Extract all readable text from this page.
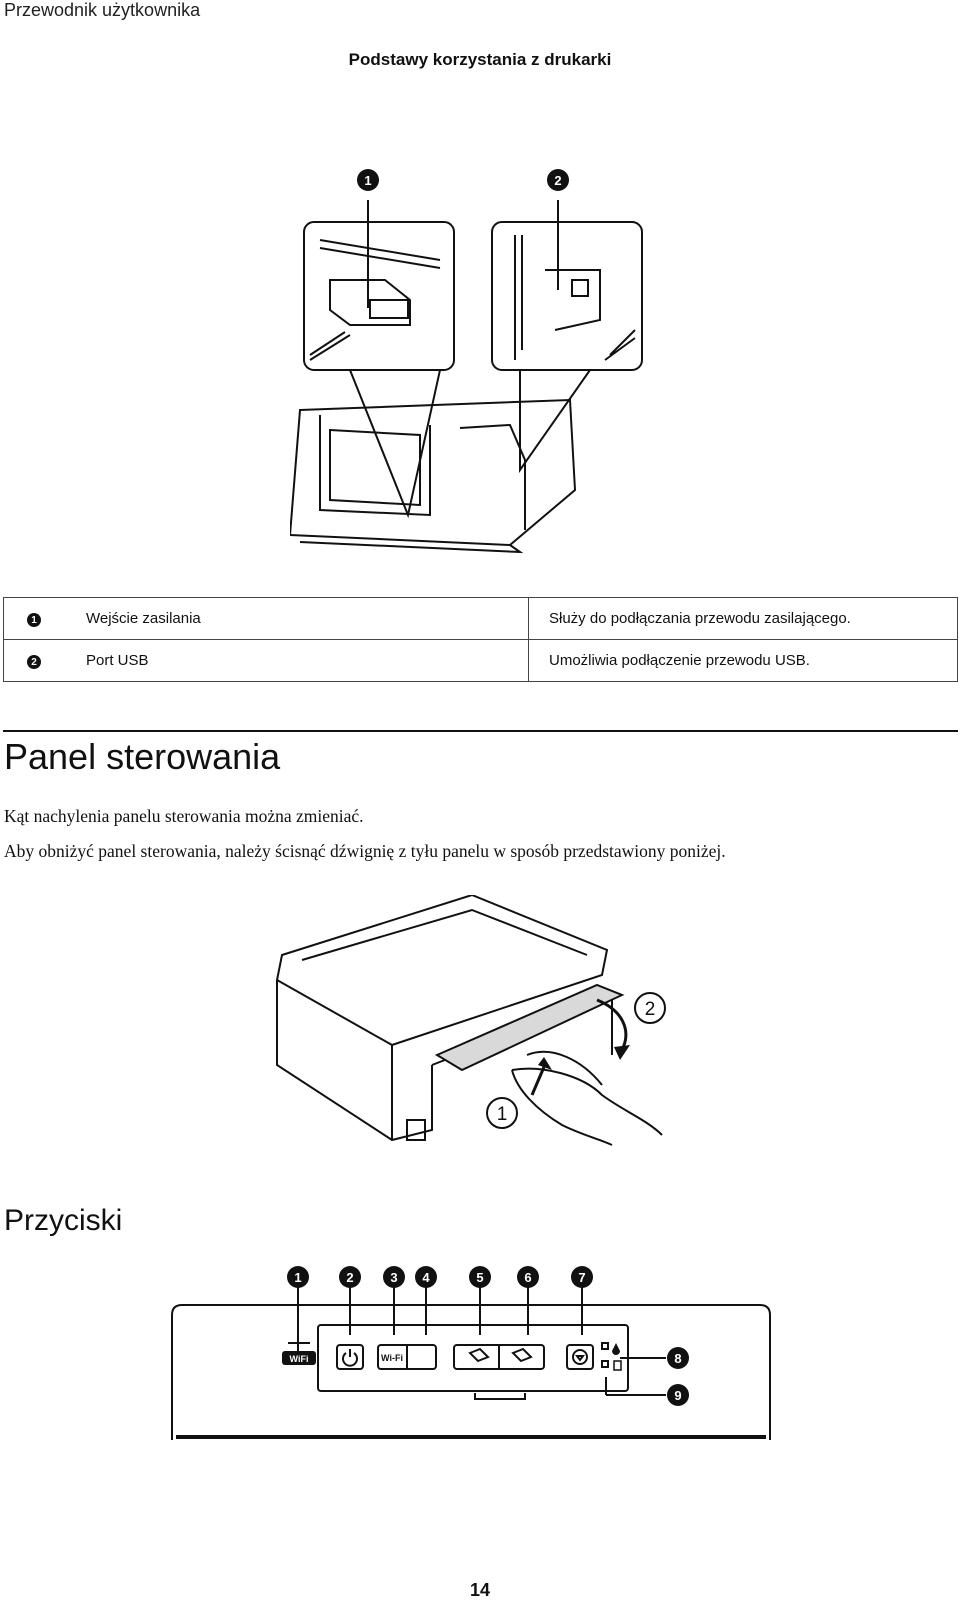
Przewodnik użytkownika
Podstawy korzystania z drukarki
1	2
1	Wejście zasilania	Służy do podłączania przewodu zasilającego.
2	Port USB	Umożliwia podłączenie przewodu USB.
Panel sterowania
Kąt nachylenia panelu sterowania można zmieniać.
Aby obniżyć panel sterowania, należy ścisnąć dźwignię z tyłu panelu w sposób przedstawiony poniżej.
1
2
Przyciski
WiFi	Wi-Fi
1	2	3 4	5	6	7
8
9
14
